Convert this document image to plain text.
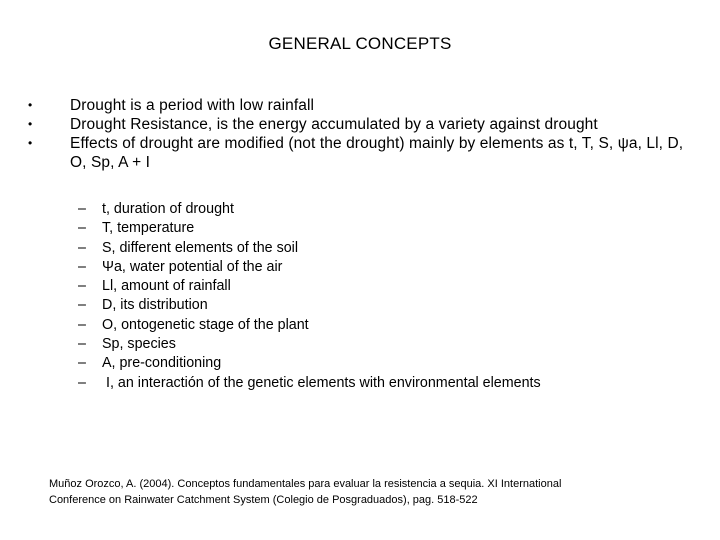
GENERAL CONCEPTS
• Drought is a period with low rainfall
• Drought Resistance, is the energy accumulated by a variety against drought
• Effects of drought are modified (not the drought) mainly by elements as t, T, S, ψa, Ll, D, O, Sp, A + I
– t, duration of drought
– T, temperature
– S, different elements of the soil
– Ψa, water potential of the air
– Ll, amount of rainfall
– D, its distribution
– O, ontogenetic stage of the plant
– Sp, species
– A, pre-conditioning
– I, an interactión of the genetic elements with environmental elements
Muñoz Orozco, A. (2004). Conceptos fundamentales para evaluar la resistencia a sequia. XI International
Conference on Rainwater Catchment System (Colegio de Posgraduados), pag. 518-522
